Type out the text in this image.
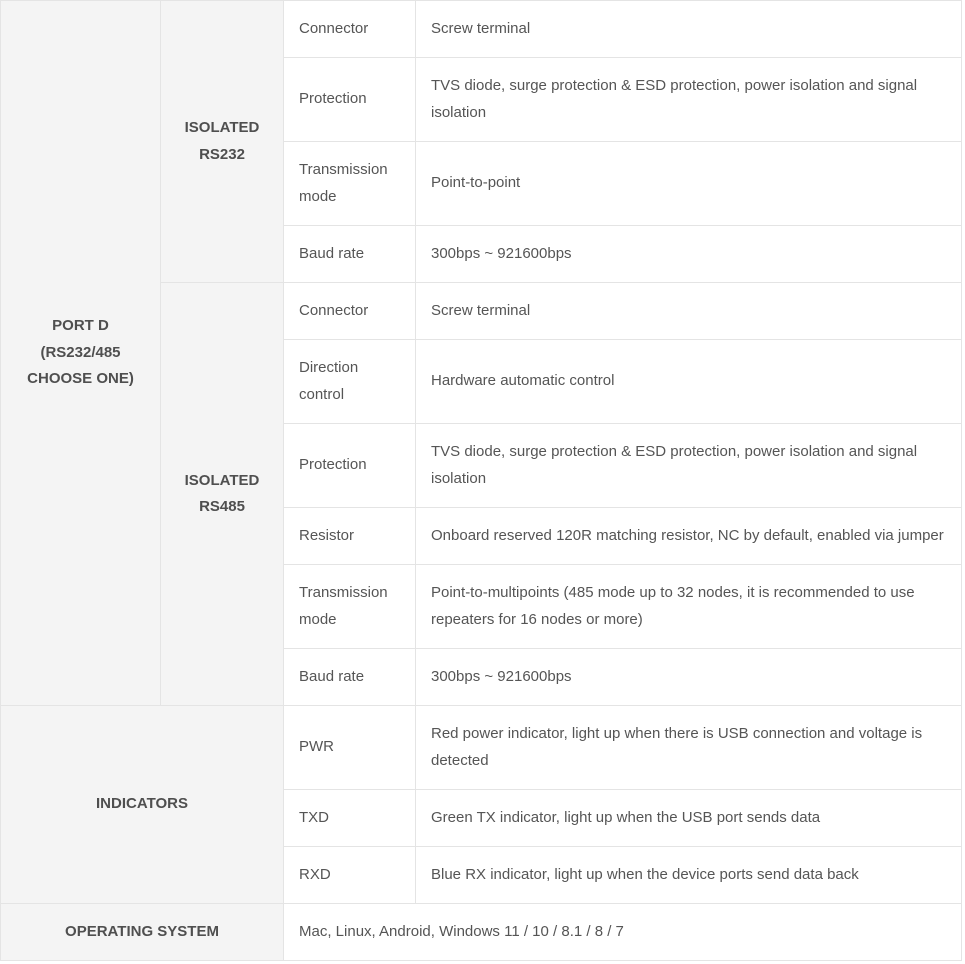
PORT D (RS232/485 CHOOSE ONE)	ISOLATED RS232	Connector	Screw terminal
		Protection	TVS diode, surge protection & ESD protection, power isolation and signal isolation
		Transmission mode	Point-to-point
		Baud rate	300bps ~ 921600bps
	ISOLATED RS485	Connector	Screw terminal
		Direction control	Hardware automatic control
		Protection	TVS diode, surge protection & ESD protection, power isolation and signal isolation
		Resistor	Onboard reserved 120R matching resistor, NC by default, enabled via jumper
		Transmission mode	Point-to-multipoints (485 mode up to 32 nodes, it is recommended to use repeaters for 16 nodes or more)
		Baud rate	300bps ~ 921600bps
INDICATORS		PWR	Red power indicator, light up when there is USB connection and voltage is detected
		TXD	Green TX indicator, light up when the USB port sends data
		RXD	Blue RX indicator, light up when the device ports send data back
OPERATING SYSTEM		Mac, Linux, Android, Windows 11 / 10 / 8.1 / 8 / 7	
